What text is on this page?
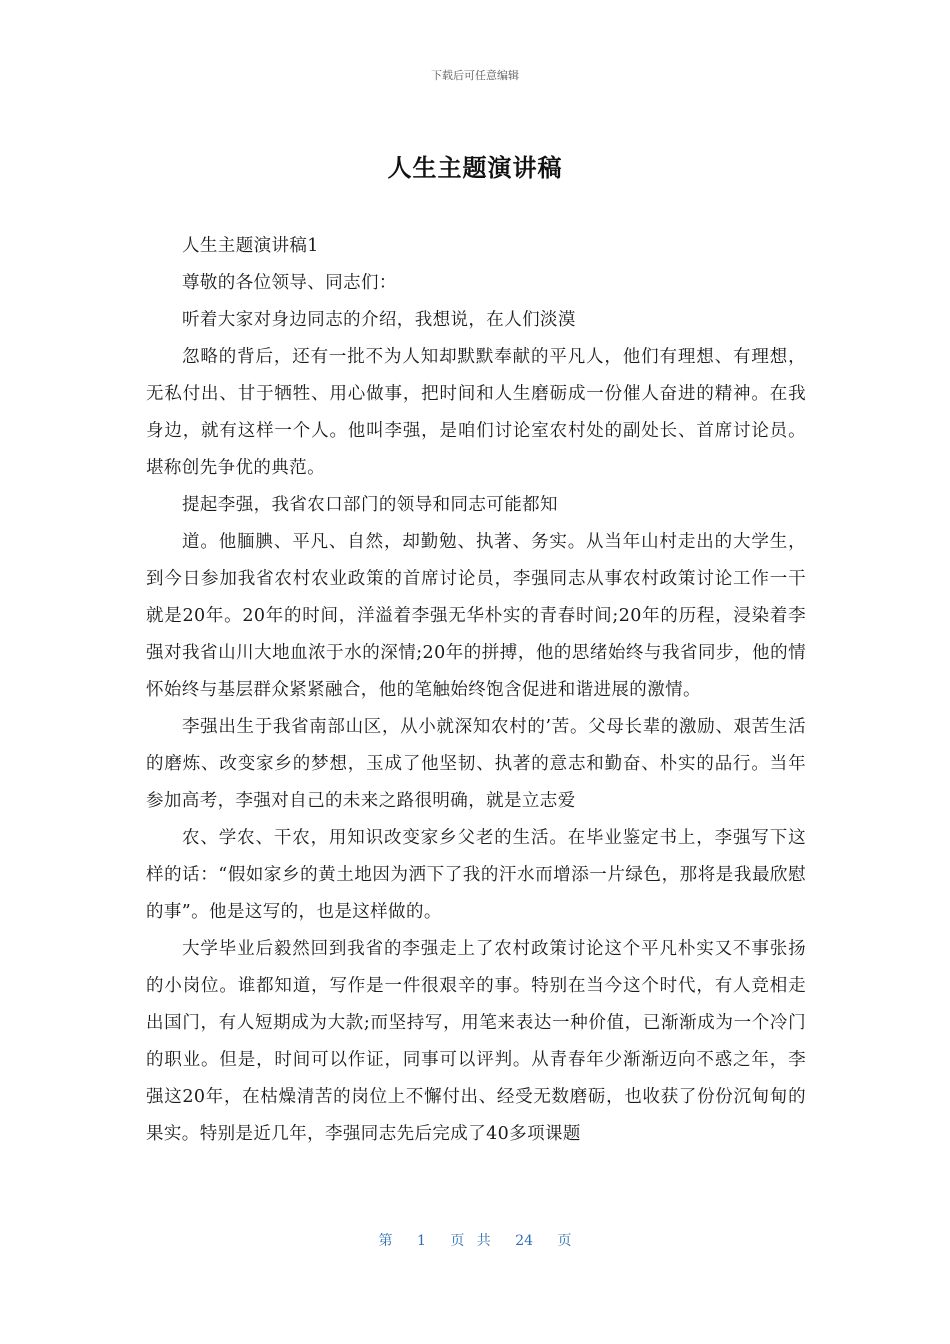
下载后可任意编辑
人生主题演讲稿

人生主题演讲稿1

尊敬的各位领导、同志们：

听着大家对身边同志的介绍，我想说，在人们淡漠

忽略的背后，还有一批不为人知却默默奉献的平凡人，他们有理想、有理想，无私付出、甘于牺牲、用心做事，把时间和人生磨砺成一份催人奋进的精神。在我身边，就有这样一个人。他叫李强，是咱们讨论室农村处的副处长、首席讨论员。堪称创先争优的典范。

提起李强，我省农口部门的领导和同志可能都知

道。他腼腆、平凡、自然，却勤勉、执著、务实。从当年山村走出的大学生，到今日参加我省农村农业政策的首席讨论员，李强同志从事农村政策讨论工作一干就是20年。20年的时间，洋溢着李强无华朴实的青春时间;20年的历程，浸染着李强对我省山川大地血浓于水的深情;20年的拼搏，他的思绪始终与我省同步，他的情怀始终与基层群众紧紧融合，他的笔触始终饱含促进和谐进展的激情。

李强出生于我省南部山区，从小就深知农村的’苦。父母长辈的激励、艰苦生活的磨炼、改变家乡的梦想，玉成了他坚韧、执著的意志和勤奋、朴实的品行。当年参加高考，李强对自己的未来之路很明确，就是立志爱

农、学农、干农，用知识改变家乡父老的生活。在毕业鉴定书上，李强写下这样的话：“假如家乡的黄土地因为洒下了我的汗水而增添一片绿色，那将是我最欣慰的事”。他是这写的，也是这样做的。

大学毕业后毅然回到我省的李强走上了农村政策讨论这个平凡朴实又不事张扬的小岗位。谁都知道，写作是一件很艰辛的事。特别在当今这个时代，有人竞相走出国门，有人短期成为大款;而坚持写，用笔来表达一种价值，已渐渐成为一个冷门的职业。但是，时间可以作证，同事可以评判。从青春年少渐渐迈向不惑之年，李强这20年，在枯燥清苦的岗位上不懈付出、经受无数磨砺，也收获了份份沉甸甸的果实。特别是近几年，李强同志先后完成了40多项课题

第 1 页 共 24 页
